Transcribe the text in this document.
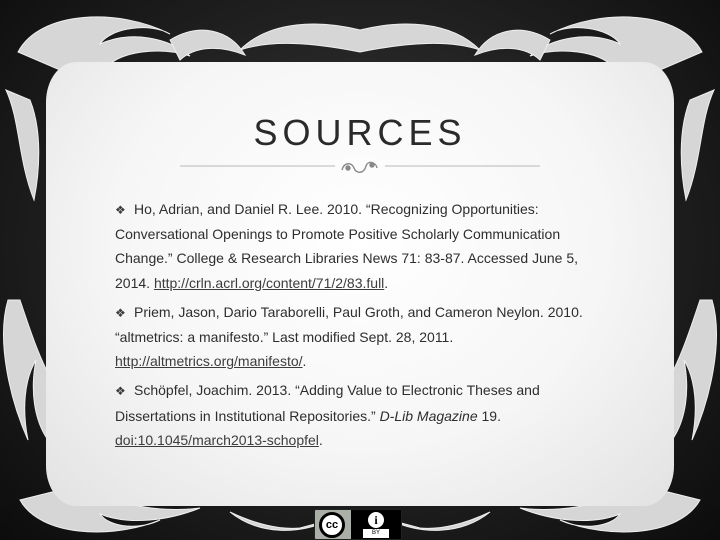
SOURCES

❖ Ho, Adrian, and Daniel R. Lee. 2010. “Recognizing Opportunities: Conversational Openings to Promote Positive Scholarly Communication Change.” College & Research Libraries News 71: 83-87. Accessed June 5, 2014. http://crln.acrl.org/content/71/2/83.full.

❖ Priem, Jason, Dario Taraborelli, Paul Groth, and Cameron Neylon. 2010. “altmetrics: a manifesto.” Last modified Sept. 28, 2011. http://altmetrics.org/manifesto/.

❖ Schöpfel, Joachim. 2013. “Adding Value to Electronic Theses and Dissertations in Institutional Repositories.” D-Lib Magazine 19. doi:10.1045/march2013-schopfel.

cc	i
BY
